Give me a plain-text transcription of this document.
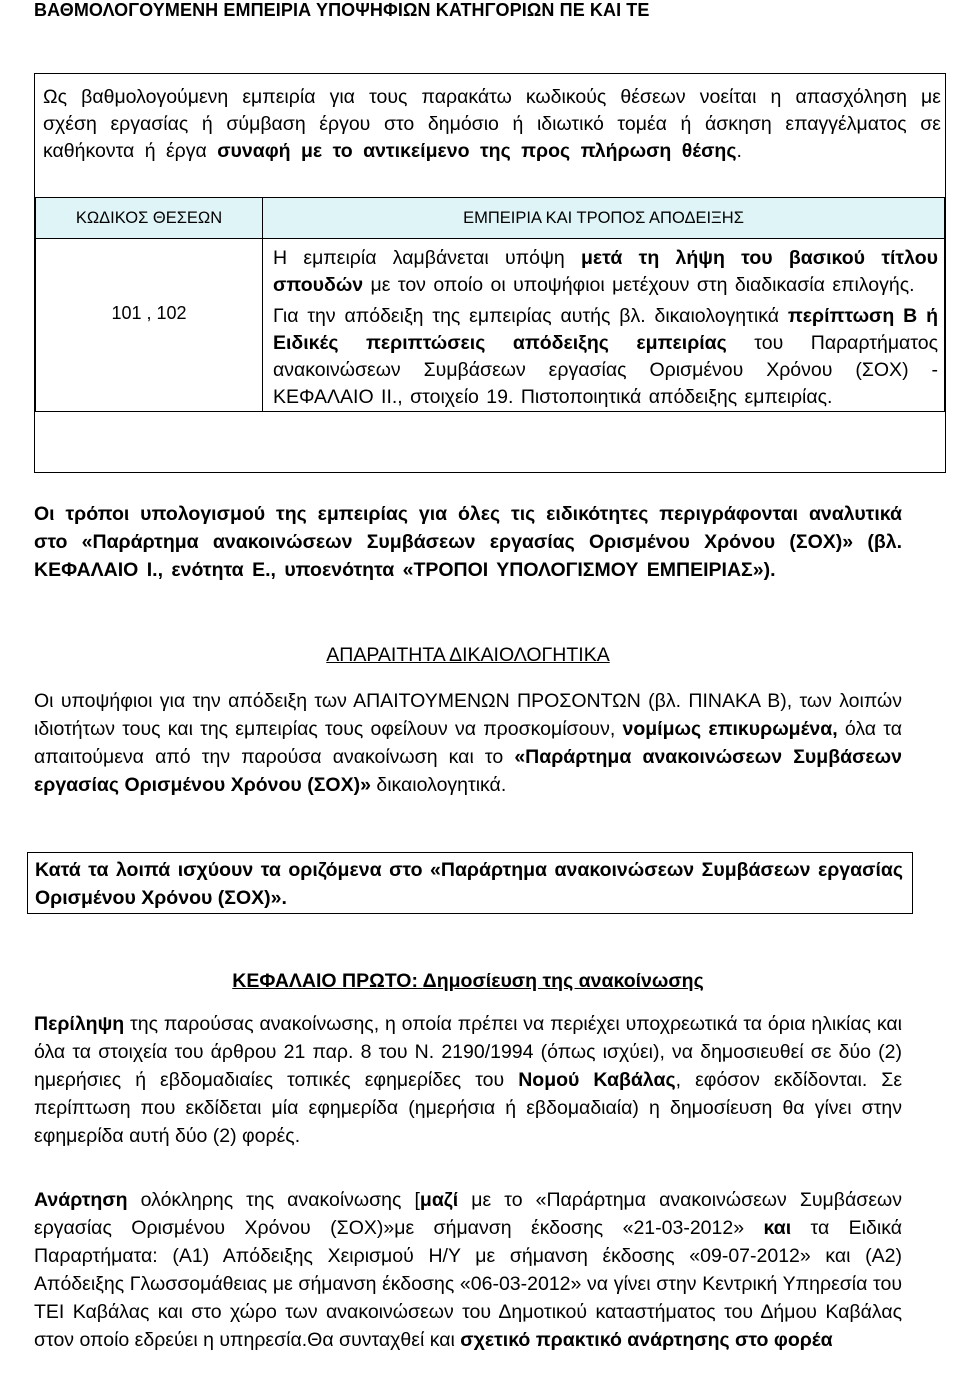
ΒΑΘΜΟΛΟΓΟΥΜΕΝΗ ΕΜΠΕΙΡΙΑ ΥΠΟΨΗΦΙΩΝ ΚΑΤΗΓΟΡΙΩΝ ΠΕ ΚΑΙ ΤΕ
Ως βαθμολογούμενη εμπειρία για τους παρακάτω κωδικούς θέσεων νοείται η απασχόληση με σχέση εργασίας ή σύμβαση έργου στο δημόσιο ή ιδιωτικό τομέα ή άσκηση επαγγέλματος σε καθήκοντα ή έργα συναφή με το αντικείμενο της προς πλήρωση θέσης.
ΚΩΔΙΚΟΣ ΘΕΣΕΩΝ	ΕΜΠΕΙΡΙΑ ΚΑΙ ΤΡΟΠΟΣ ΑΠΟΔΕΙΞΗΣ

101 , 102	Η εμπειρία λαμβάνεται υπόψη μετά τη λήψη του βασικού τίτλου σπουδών με τον οποίο οι υποψήφιοι μετέχουν στη διαδικασία επιλογής.

Για την απόδειξη της εμπειρίας αυτής βλ. δικαιολογητικά περίπτωση Β ή Ειδικές περιπτώσεις απόδειξης εμπειρίας του Παραρτήματος ανακοινώσεων Συμβάσεων εργασίας Ορισμένου Χρόνου (ΣΟΧ) - ΚΕΦΑΛΑΙΟ ΙΙ., στοιχείο 19. Πιστοποιητικά απόδειξης εμπειρίας.

Οι τρόποι υπολογισμού της εμπειρίας για όλες τις ειδικότητες περιγράφονται αναλυτικά στο «Παράρτημα ανακοινώσεων Συμβάσεων εργασίας Ορισμένου Χρόνου (ΣΟΧ)» (βλ. ΚΕΦΑΛΑΙΟ Ι., ενότητα Ε., υποενότητα «ΤΡΟΠΟΙ ΥΠΟΛΟΓΙΣΜΟΥ ΕΜΠΕΙΡΙΑΣ»).
ΑΠΑΡΑΙΤΗΤΑ ΔΙΚΑΙΟΛΟΓΗΤΙΚΑ
Οι υποψήφιοι για την απόδειξη των ΑΠΑΙΤΟΥΜΕΝΩΝ ΠΡΟΣΟΝΤΩΝ (βλ. ΠΙΝΑΚΑ Β), των λοιπών ιδιοτήτων τους και της εμπειρίας τους οφείλουν να προσκομίσουν, νομίμως επικυρωμένα, όλα τα απαιτούμενα από την παρούσα ανακοίνωση και το «Παράρτημα ανακοινώσεων Συμβάσεων εργασίας Ορισμένου Χρόνου (ΣΟΧ)» δικαιολογητικά.
Κατά τα λοιπά ισχύουν τα οριζόμενα στο «Παράρτημα ανακοινώσεων Συμβάσεων εργασίας Ορισμένου Χρόνου (ΣΟΧ)».
ΚΕΦΑΛΑΙΟ ΠΡΩΤΟ: Δημοσίευση της ανακοίνωσης
Περίληψη της παρούσας ανακοίνωσης, η οποία πρέπει να περιέχει υποχρεωτικά τα όρια ηλικίας και όλα τα στοιχεία του άρθρου 21 παρ. 8 του Ν. 2190/1994 (όπως ισχύει), να δημοσιευθεί σε δύο (2) ημερήσιες ή εβδομαδιαίες τοπικές εφημερίδες του Νομού Καβάλας, εφόσον εκδίδονται. Σε περίπτωση που εκδίδεται μία εφημερίδα (ημερήσια ή εβδομαδιαία) η δημοσίευση θα γίνει στην εφημερίδα αυτή δύο (2) φορές.
Ανάρτηση ολόκληρης της ανακοίνωσης [μαζί με το «Παράρτημα ανακοινώσεων Συμβάσεων εργασίας Ορισμένου Χρόνου (ΣΟΧ)»με σήμανση έκδοσης «21-03-2012» και τα Ειδικά Παραρτήματα: (Α1) Απόδειξης Χειρισμού Η/Υ με σήμανση έκδοσης «09-07-2012» και (Α2) Απόδειξης Γλωσσομάθειας με σήμανση έκδοσης «06-03-2012» να γίνει στην Κεντρική Υπηρεσία του ΤΕΙ Καβάλας και στο χώρο των ανακοινώσεων του Δημοτικού καταστήματος του Δήμου Καβάλας στον οποίο εδρεύει η υπηρεσία.Θα συνταχθεί και σχετικό πρακτικό ανάρτησης στο φορέα
